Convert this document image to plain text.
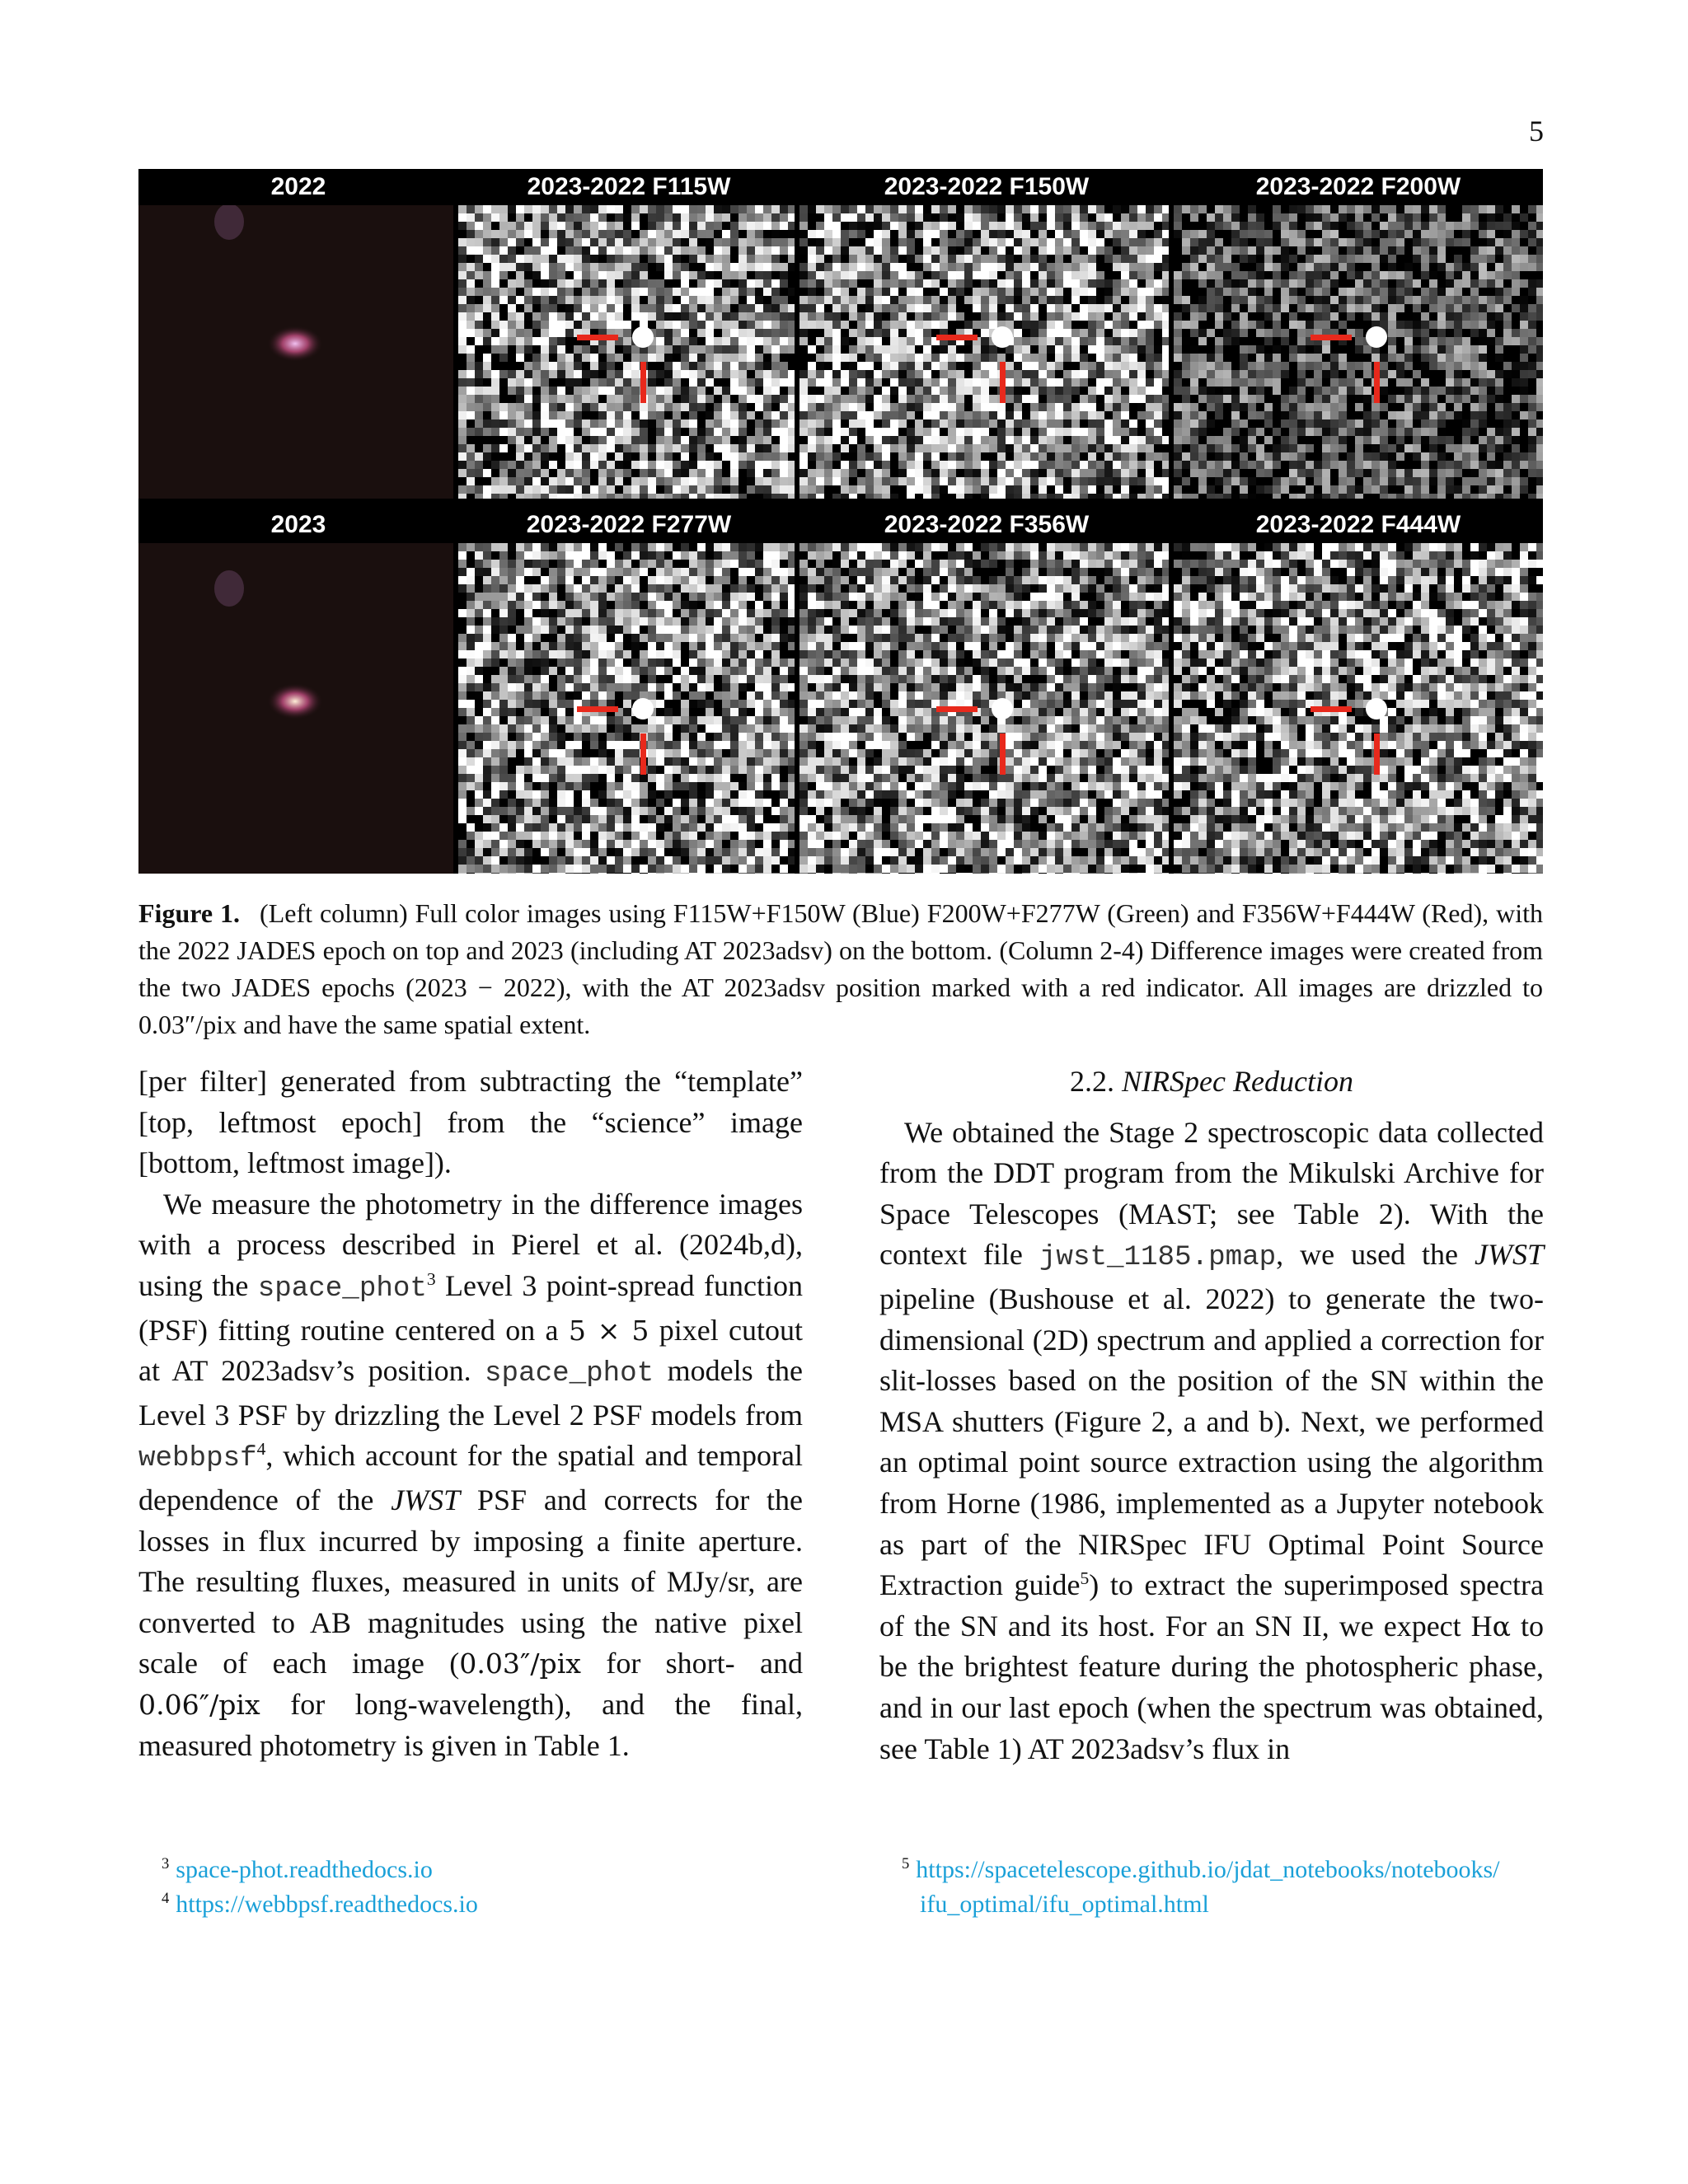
5
2022	2023-2022 F115W	2023-2022 F150W	2023-2022 F200W
2023	2023-2022 F277W	2023-2022 F356W	2023-2022 F444W
Figure 1. (Left column) Full color images using F115W+F150W (Blue) F200W+F277W (Green) and F356W+F444W (Red), with the 2022 JADES epoch on top and 2023 (including AT 2023adsv) on the bottom. (Column 2-4) Difference images were created from the two JADES epochs (2023 − 2022), with the AT 2023adsv position marked with a red indicator. All images are drizzled to 0.03″/pix and have the same spatial extent.

[per filter] generated from subtracting the “template” [top, leftmost epoch] from the “science” image [bottom, leftmost image]).

We measure the photometry in the difference images with a process described in Pierel et al. (2024b,d), using the space_phot$^3$ Level 3 point-spread function (PSF) fitting routine centered on a 5 × 5 pixel cutout at AT 2023adsv’s position. space_phot models the Level 3 PSF by drizzling the Level 2 PSF models from webbpsf$^4$, which account for the spatial and temporal dependence of the JWST PSF and corrects for the losses in flux incurred by imposing a finite aperture. The resulting fluxes, measured in units of MJy/sr, are converted to AB magnitudes using the native pixel scale of each image (0.03″/pix for short- and 0.06″/pix for long-wavelength), and the final, measured photometry is given in Table 1.

2.2. NIRSpec Reduction

We obtained the Stage 2 spectroscopic data collected from the DDT program from the Mikulski Archive for Space Telescopes (MAST; see Table 2). With the context file jwst_1185.pmap, we used the JWST pipeline (Bushouse et al. 2022) to generate the two-dimensional (2D) spectrum and applied a correction for slit-losses based on the position of the SN within the MSA shutters (Figure 2, a and b). Next, we performed an optimal point source extraction using the algorithm from Horne (1986, implemented as a Jupyter notebook as part of the NIRSpec IFU Optimal Point Source Extraction guide$^5$) to extract the superimposed spectra of the SN and its host. For an SN II, we expect Hα to be the brightest feature during the photospheric phase, and in our last epoch (when the spectrum was obtained, see Table 1) AT 2023adsv’s flux in

$^3$ space-phot.readthedocs.io
$^4$ https://webbpsf.readthedocs.io
$^5$ https://spacetelescope.github.io/jdat_notebooks/notebooks/
ifu_optimal/ifu_optimal.html
